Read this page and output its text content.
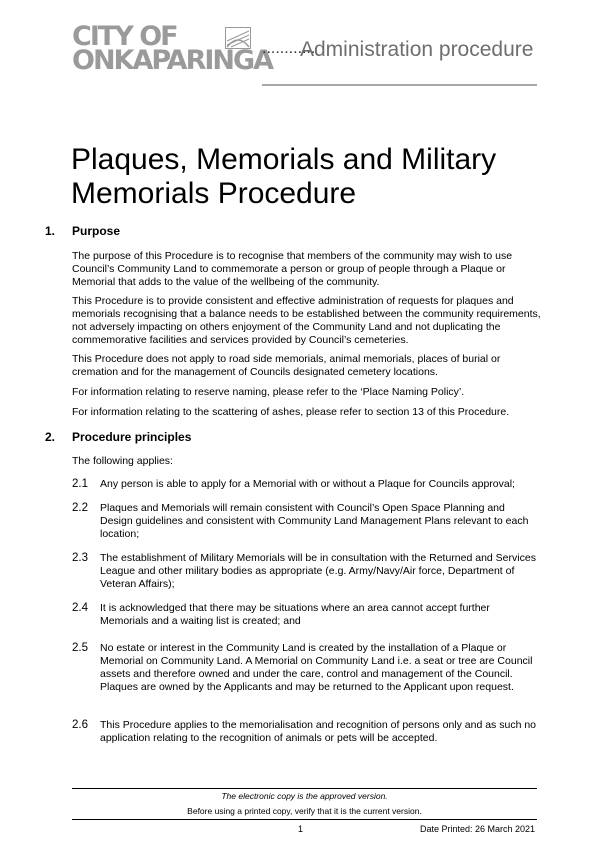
CITY OF
ONKAPARINGA
............
Administration procedure
Plaques, Memorials and Military Memorials Procedure
1. Purpose
The purpose of this Procedure is to recognise that members of the community may wish to use Council’s Community Land to commemorate a person or group of people through a Plaque or Memorial that adds to the value of the wellbeing of the community.
This Procedure is to provide consistent and effective administration of requests for plaques and memorials recognising that a balance needs to be established between the community requirements, not adversely impacting on others enjoyment of the Community Land and not duplicating the commemorative facilities and services provided by Council’s cemeteries.
This Procedure does not apply to road side memorials, animal memorials, places of burial or cremation and for the management of Councils designated cemetery locations.
For information relating to reserve naming, please refer to the ‘Place Naming Policy’.
For information relating to the scattering of ashes, please refer to section 13 of this Procedure.
2. Procedure principles
The following applies:
2.1 Any person is able to apply for a Memorial with or without a Plaque for Councils approval;
2.2 Plaques and Memorials will remain consistent with Council’s Open Space Planning and Design guidelines and consistent with Community Land Management Plans relevant to each location;
2.3 The establishment of Military Memorials will be in consultation with the Returned and Services League and other military bodies as appropriate (e.g. Army/Navy/Air force, Department of Veteran Affairs);
2.4 It is acknowledged that there may be situations where an area cannot accept further Memorials and a waiting list is created; and
2.5 No estate or interest in the Community Land is created by the installation of a Plaque or Memorial on Community Land. A Memorial on Community Land i.e. a seat or tree are Council assets and therefore owned and under the care, control and management of the Council. Plaques are owned by the Applicants and may be returned to the Applicant upon request.
2.6 This Procedure applies to the memorialisation and recognition of persons only and as such no application relating to the recognition of animals or pets will be accepted.
The electronic copy is the approved version.
Before using a printed copy, verify that it is the current version.
1	Date Printed: 26 March 2021
